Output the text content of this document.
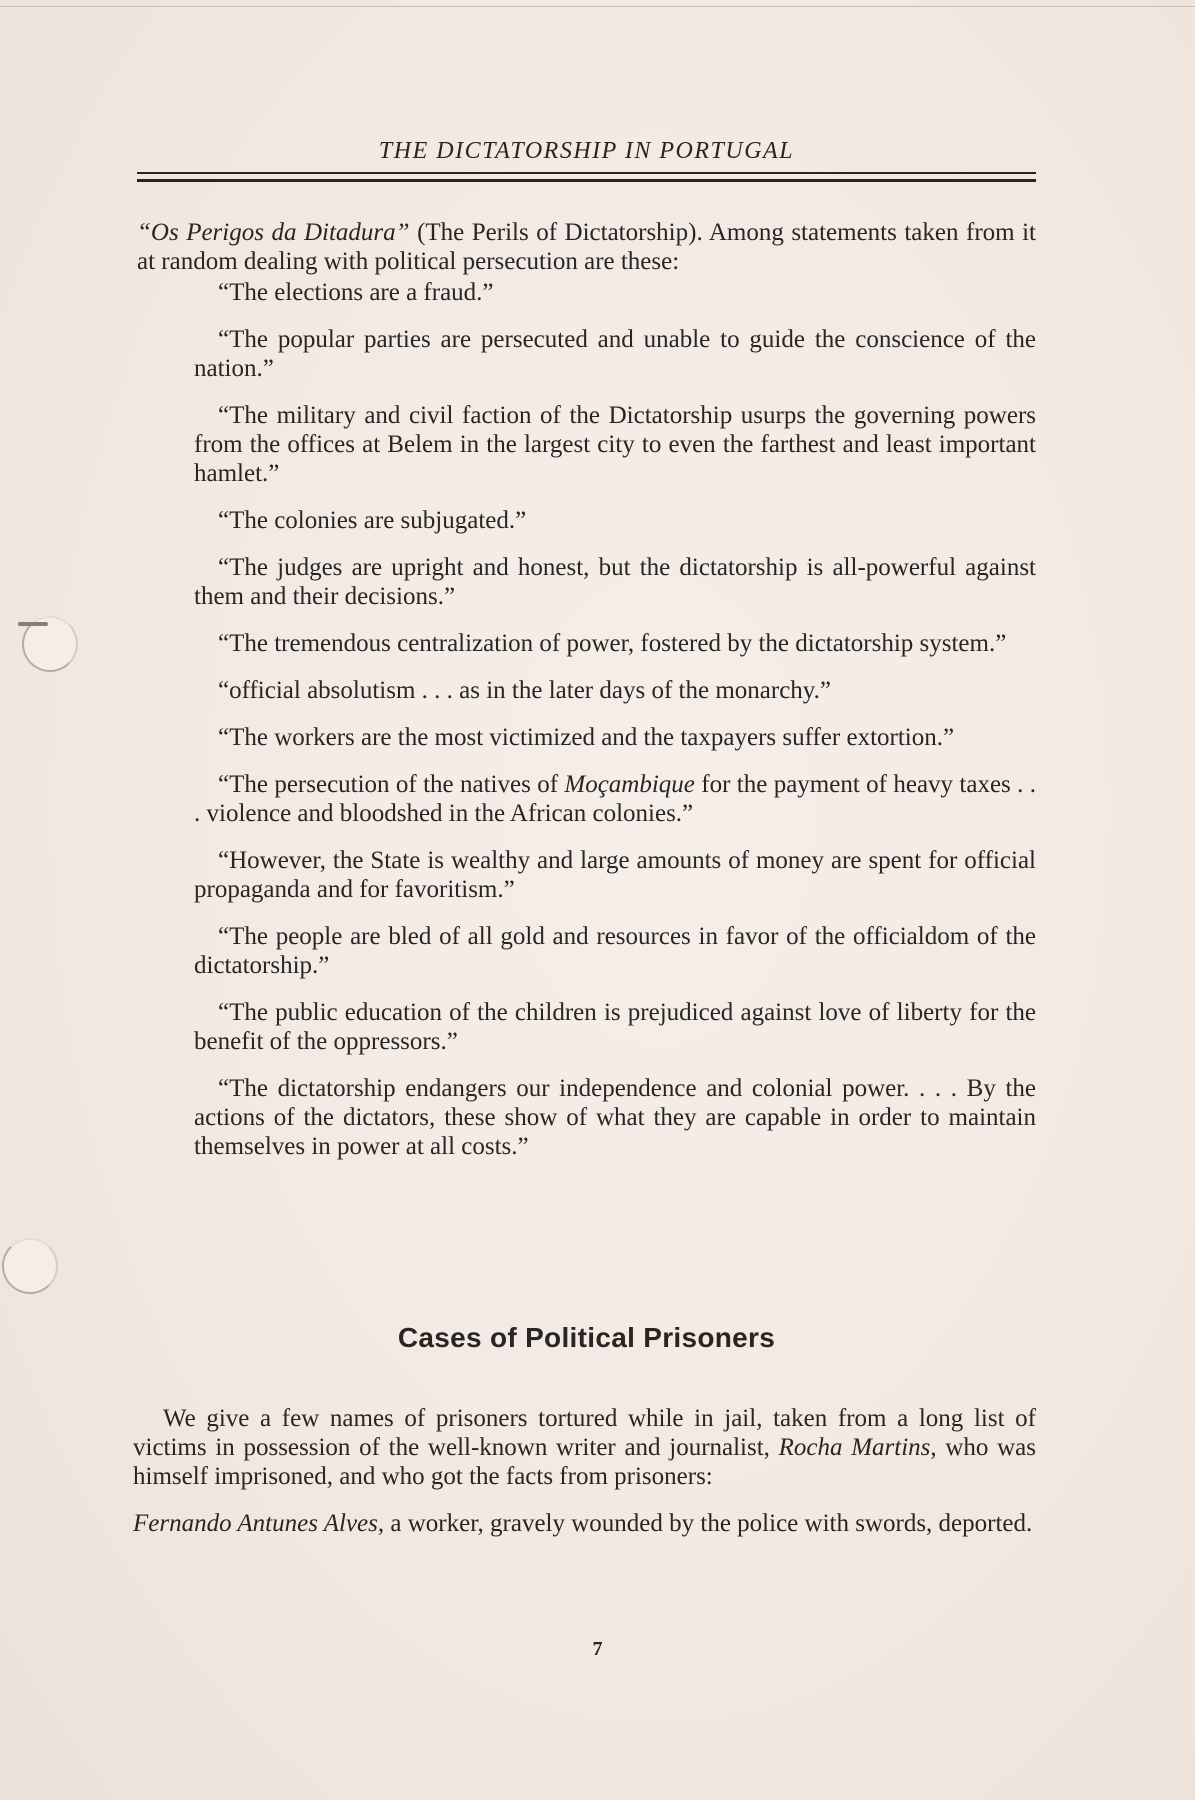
THE DICTATORSHIP IN PORTUGAL

“Os Perigos da Ditadura” (The Perils of Dictatorship). Among statements taken from it at random dealing with political persecution are these:

“The elections are a fraud.”

“The popular parties are persecuted and unable to guide the conscience of the nation.”

“The military and civil faction of the Dictatorship usurps the governing powers from the offices at Belem in the largest city to even the farthest and least important hamlet.”

“The colonies are subjugated.”

“The judges are upright and honest, but the dictatorship is all-powerful against them and their decisions.”

“The tremendous centralization of power, fostered by the dictatorship system.”

“official absolutism . . . as in the later days of the monarchy.”

“The workers are the most victimized and the taxpayers suffer extortion.”

“The persecution of the natives of Moçambique for the payment of heavy taxes . . . violence and bloodshed in the African colonies.”

“However, the State is wealthy and large amounts of money are spent for official propaganda and for favoritism.”

“The people are bled of all gold and resources in favor of the officialdom of the dictatorship.”

“The public education of the children is prejudiced against love of liberty for the benefit of the oppressors.”

“The dictatorship endangers our independence and colonial power. . . . By the actions of the dictators, these show of what they are capable in order to maintain themselves in power at all costs.”

Cases of Political Prisoners

We give a few names of prisoners tortured while in jail, taken from a long list of victims in possession of the well-known writer and journalist, Rocha Martins, who was himself imprisoned, and who got the facts from prisoners:

Fernando Antunes Alves, a worker, gravely wounded by the police with swords, deported.

7
